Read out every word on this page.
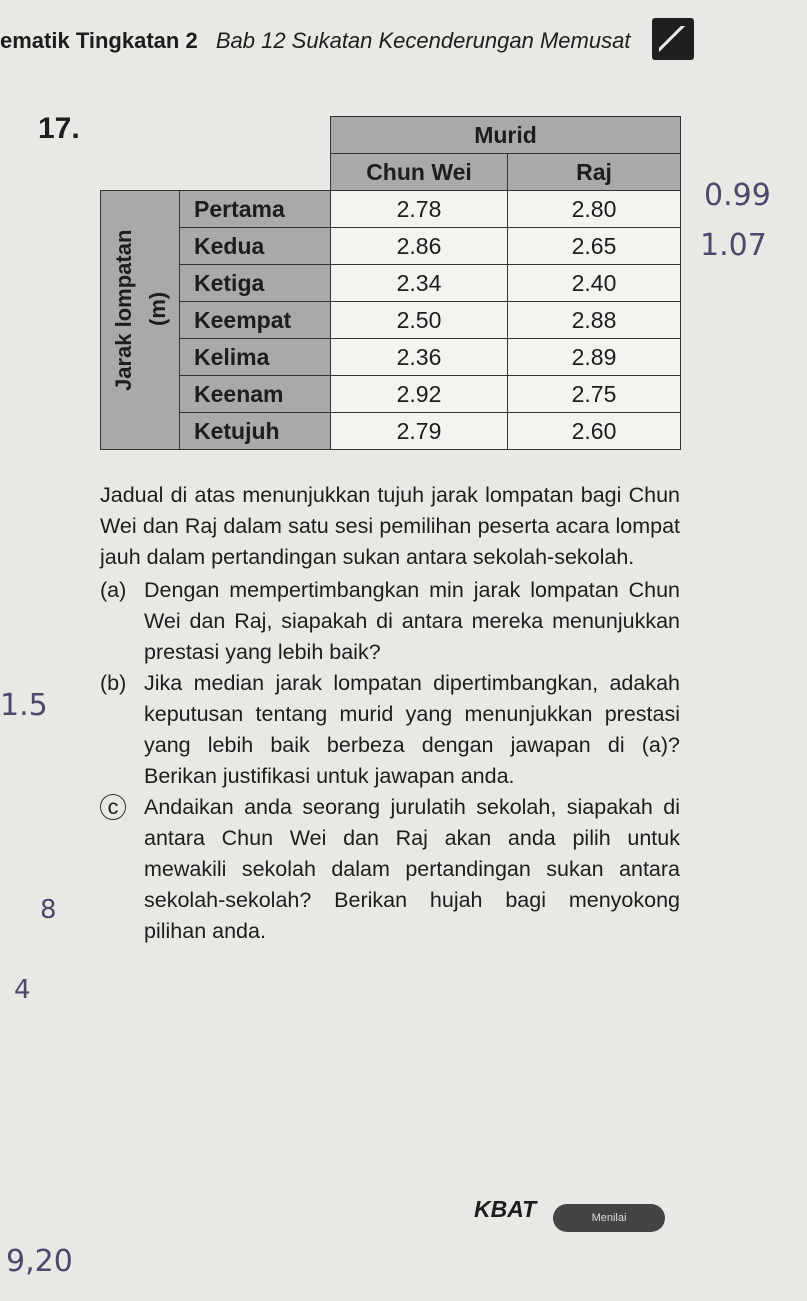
ematik Tingkatan 2 Bab 12 Sukatan Kecenderungan Memusat
17.
		Murid	
		Chun Wei	Raj

Jarak lompatan (m)	Pertama	2.78	2.80
	Kedua	2.86	2.65
	Ketiga	2.34	2.40
	Keempat	2.50	2.88
	Kelima	2.36	2.89
	Keenam	2.92	2.75
	Ketujuh	2.79	2.60
0.99
1.07
1.5
8
4
9,20
Jadual di atas menunjukkan tujuh jarak lompatan bagi Chun Wei dan Raj dalam satu sesi pemilihan peserta acara lompat jauh dalam pertandingan sukan antara sekolah-sekolah.
(a) Dengan mempertimbangkan min jarak lompatan Chun Wei dan Raj, siapakah di antara mereka menunjukkan prestasi yang lebih baik?
(b) Jika median jarak lompatan dipertimbangkan, adakah keputusan tentang murid yang menunjukkan prestasi yang lebih baik berbeza dengan jawapan di (a)? Berikan justifikasi untuk jawapan anda.
c	Andaikan anda seorang jurulatih sekolah, siapakah di antara Chun Wei dan Raj akan anda pilih untuk mewakili sekolah dalam pertandingan sukan antara sekolah-sekolah? Berikan hujah bagi menyokong pilihan anda.
KBAT	Menilai
